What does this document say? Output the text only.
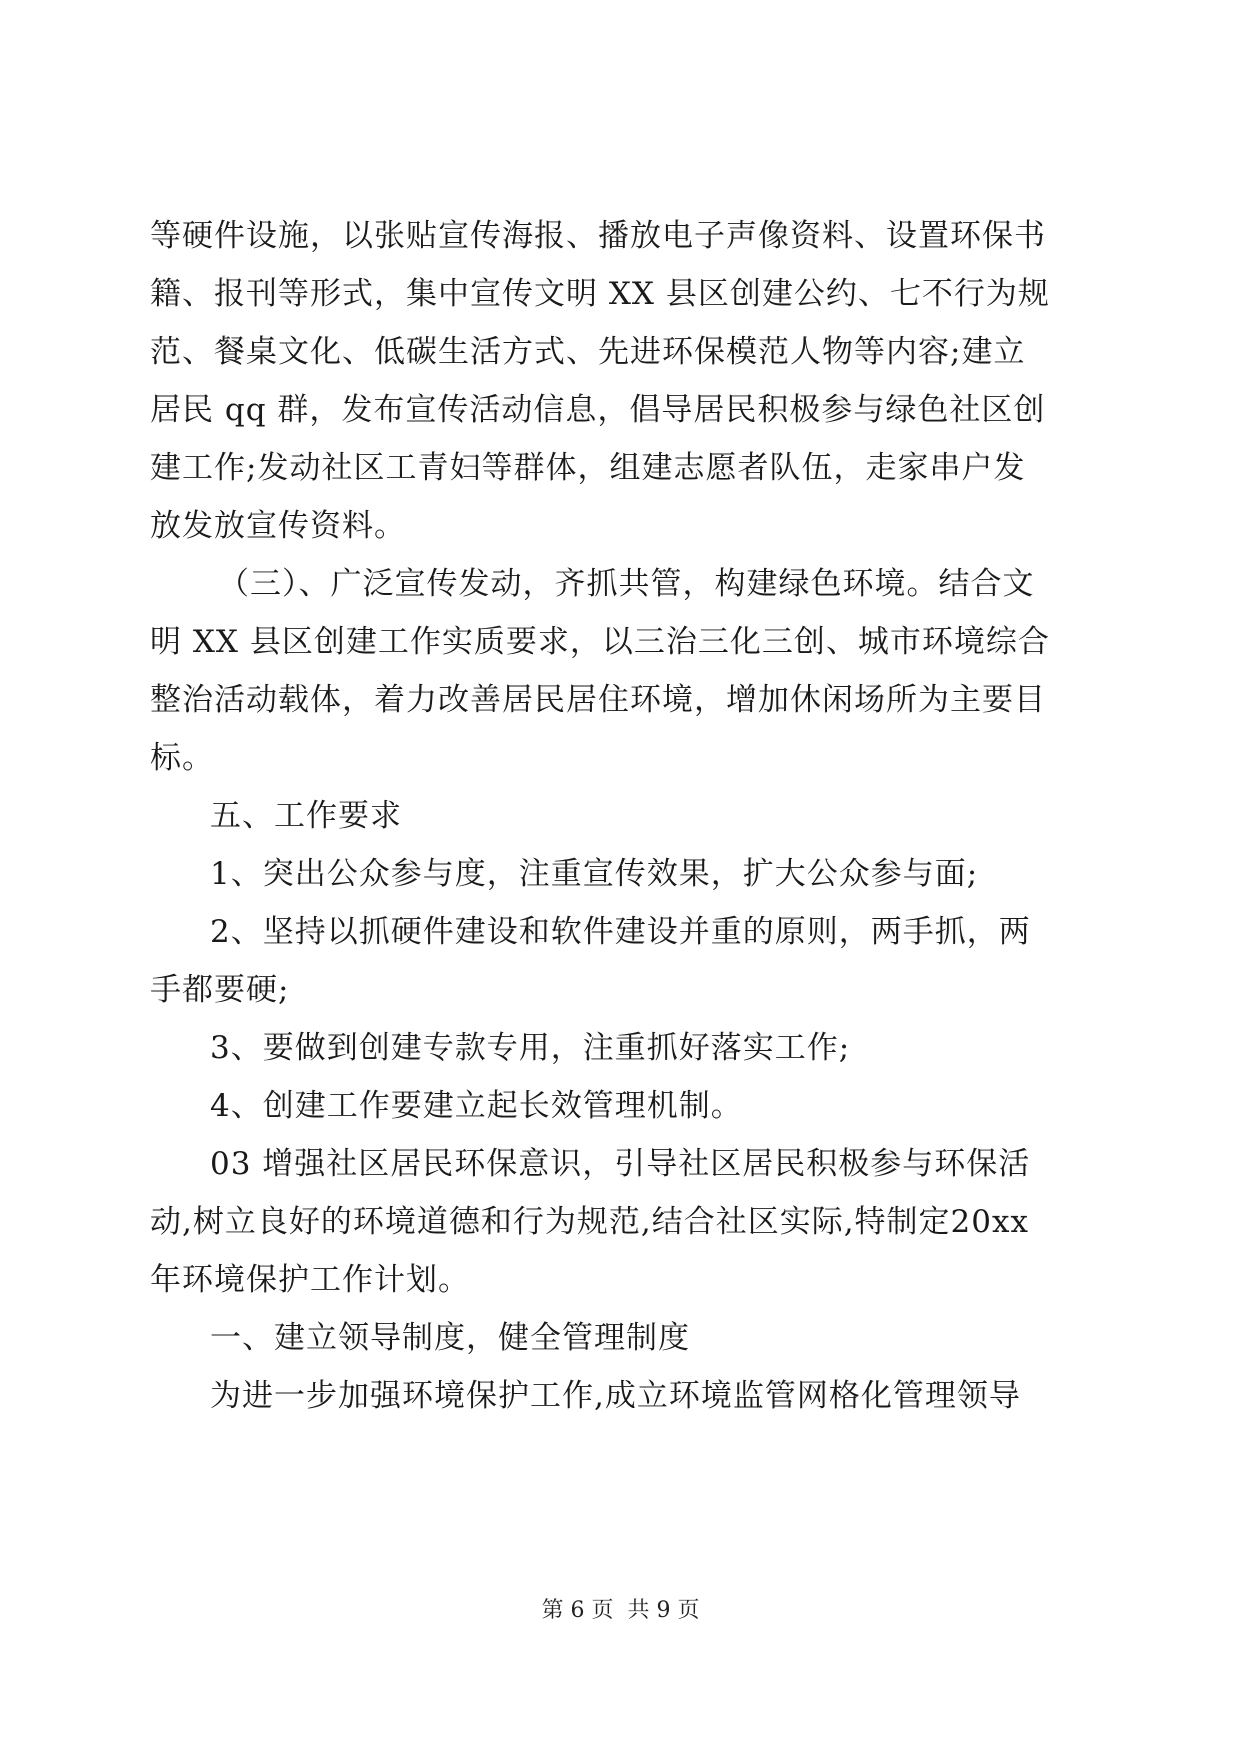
等硬件设施，以张贴宣传海报、播放电子声像资料、设置环保书
籍、报刊等形式，集中宣传文明 XX 县区创建公约、七不行为规
范、餐桌文化、低碳生活方式、先进环保模范人物等内容;建立
居民 qq 群，发布宣传活动信息，倡导居民积极参与绿色社区创
建工作;发动社区工青妇等群体，组建志愿者队伍，走家串户发
放发放宣传资料。
（三）、广泛宣传发动，齐抓共管，构建绿色环境。结合文
明 XX 县区创建工作实质要求，以三治三化三创、城市环境综合
整治活动载体，着力改善居民居住环境，增加休闲场所为主要目
标。
五、工作要求
1、突出公众参与度，注重宣传效果，扩大公众参与面;
2、坚持以抓硬件建设和软件建设并重的原则，两手抓，两
手都要硬;
3、要做到创建专款专用，注重抓好落实工作;
4、创建工作要建立起长效管理机制。
03 增强社区居民环保意识，引导社区居民积极参与环保活
动,树立良好的环境道德和行为规范,结合社区实际,特制定20xx
年环境保护工作计划。
一、建立领导制度，健全管理制度
为进一步加强环境保护工作,成立环境监管网格化管理领导
第 6 页  共 9 页
